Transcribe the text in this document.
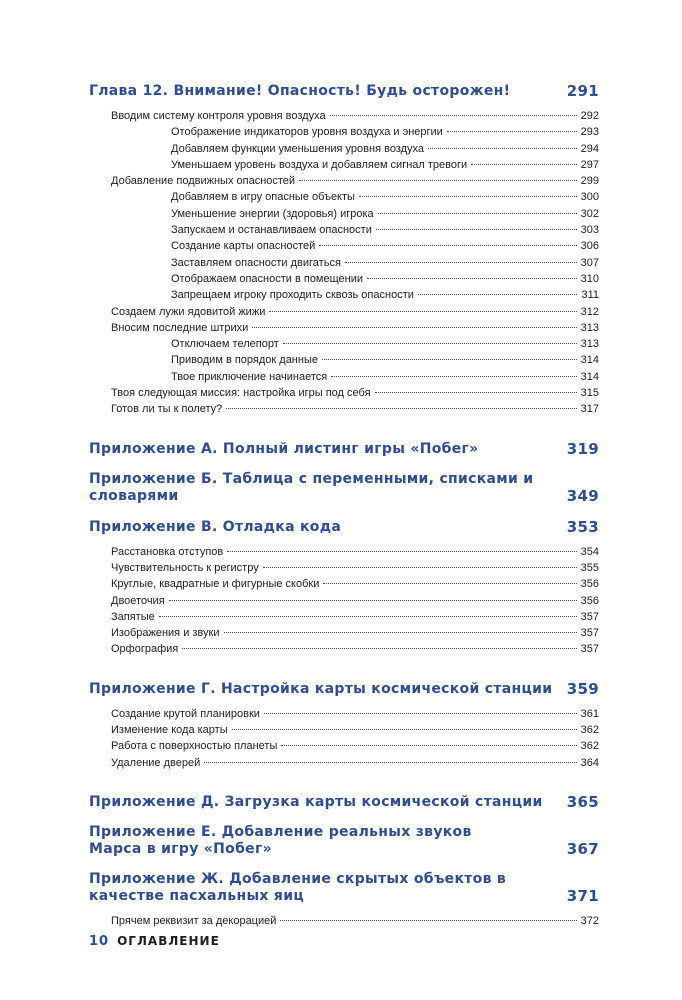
Глава 12. Внимание! Опасность! Будь осторожен!	291
Вводим систему контроля уровня воздуха	292
Отображение индикаторов уровня воздуха и энергии	293
Добавляем функции уменьшения уровня воздуха	294
Уменьшаем уровень воздуха и добавляем сигнал тревоги	297
Добавление подвижных опасностей	299
Добавляем в игру опасные объекты	300
Уменьшение энергии (здоровья) игрока	302
Запускаем и останавливаем опасности	303
Создание карты опасностей	306
Заставляем опасности двигаться	307
Отображаем опасности в помещении	310
Запрещаем игроку проходить сквозь опасности	311
Создаем лужи ядовитой жижи	312
Вносим последние штрихи	313
Отключаем телепорт	313
Приводим в порядок данные	314
Твое приключение начинается	314
Твоя следующая миссия: настройка игры под себя	315
Готов ли ты к полету?	317
Приложение А. Полный листинг игры «Побег»	319
Приложение Б. Таблица с переменными, списками и словарями	349
Приложение В. Отладка кода	353
Расстановка отступов	354
Чувствительность к регистру	355
Круглые, квадратные и фигурные скобки	356
Двоеточия	356
Запятые	357
Изображения и звуки	357
Орфография	357
Приложение Г. Настройка карты космической станции 359
Создание крутой планировки	361
Изменение кода карты	362
Работа с поверхностью планеты	362
Удаление дверей	364
Приложение Д. Загрузка карты космической станции	365
Приложение Е. Добавление реальных звуков Марса в игру «Побег»	367
Приложение Ж. Добавление скрытых объектов в качестве пасхальных яиц	371
Прячем реквизит за декорацией	372
10 ОГЛАВЛЕНИЕ
